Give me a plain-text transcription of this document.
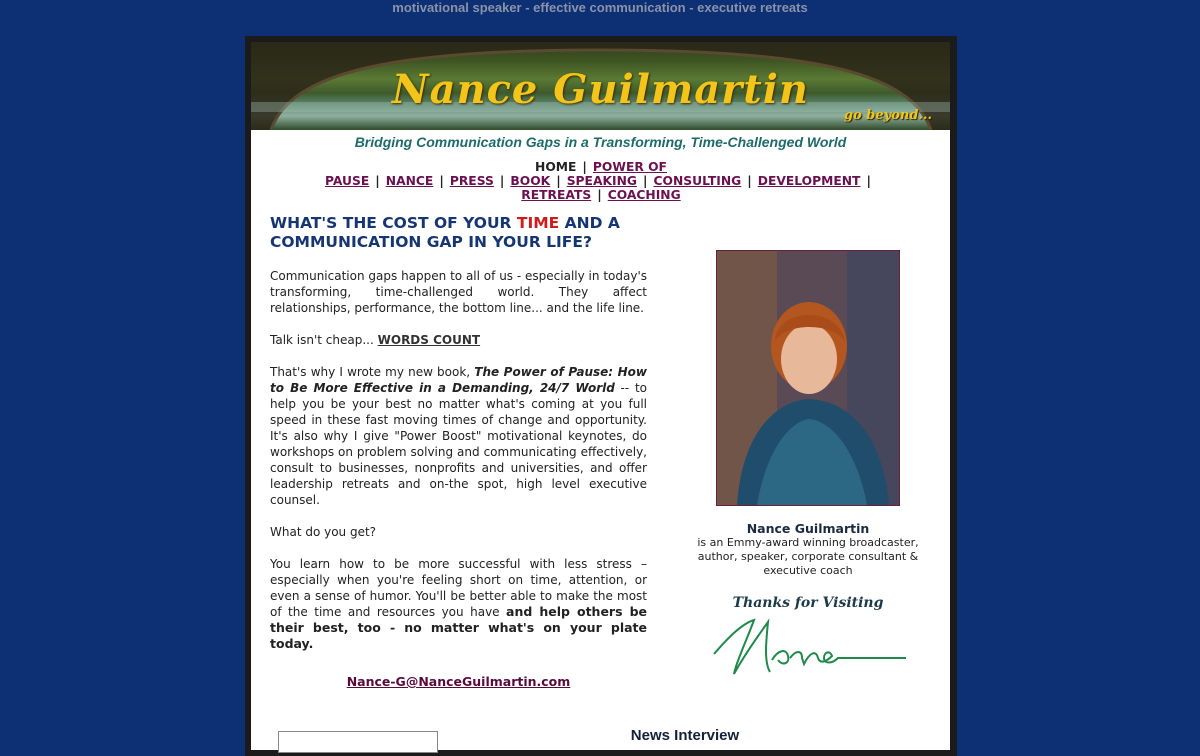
motivational speaker - effective communication - executive retreats
Nance Guilmartin
go beyond...
Bridging Communication Gaps in a Transforming, Time-Challenged World
HOME | POWER OF PAUSE | NANCE | PRESS | BOOK | SPEAKING | CONSULTING | DEVELOPMENT |
RETREATS | COACHING
WHAT'S THE COST OF YOUR TIME AND A COMMUNICATION GAP IN YOUR LIFE?

Communication gaps happen to all of us - especially in today's transforming, time-challenged world. They affect relationships, performance, the bottom line... and the life line.

Talk isn't cheap... WORDS COUNT

That's why I wrote my new book, The Power of Pause: How to Be More Effective in a Demanding, 24/7 World -- to help you be your best no matter what's coming at you full speed in these fast moving times of change and opportunity. It's also why I give "Power Boost" motivational keynotes, do workshops on problem solving and communicating effectively, consult to businesses, nonprofits and universities, and offer leadership retreats and on-the spot, high level executive counsel.

What do you get?

You learn how to be more successful with less stress – especially when you're feeling short on time, attention, or even a sense of humor. You'll be better able to make the most of the time and resources you have and help others be their best, too - no matter what's on your plate today.

Nance-G@NanceGuilmartin.com
Nance Guilmartin
is an Emmy-award winning broadcaster, author, speaker, corporate consultant & executive coach
Thanks for Visiting
News Interview
